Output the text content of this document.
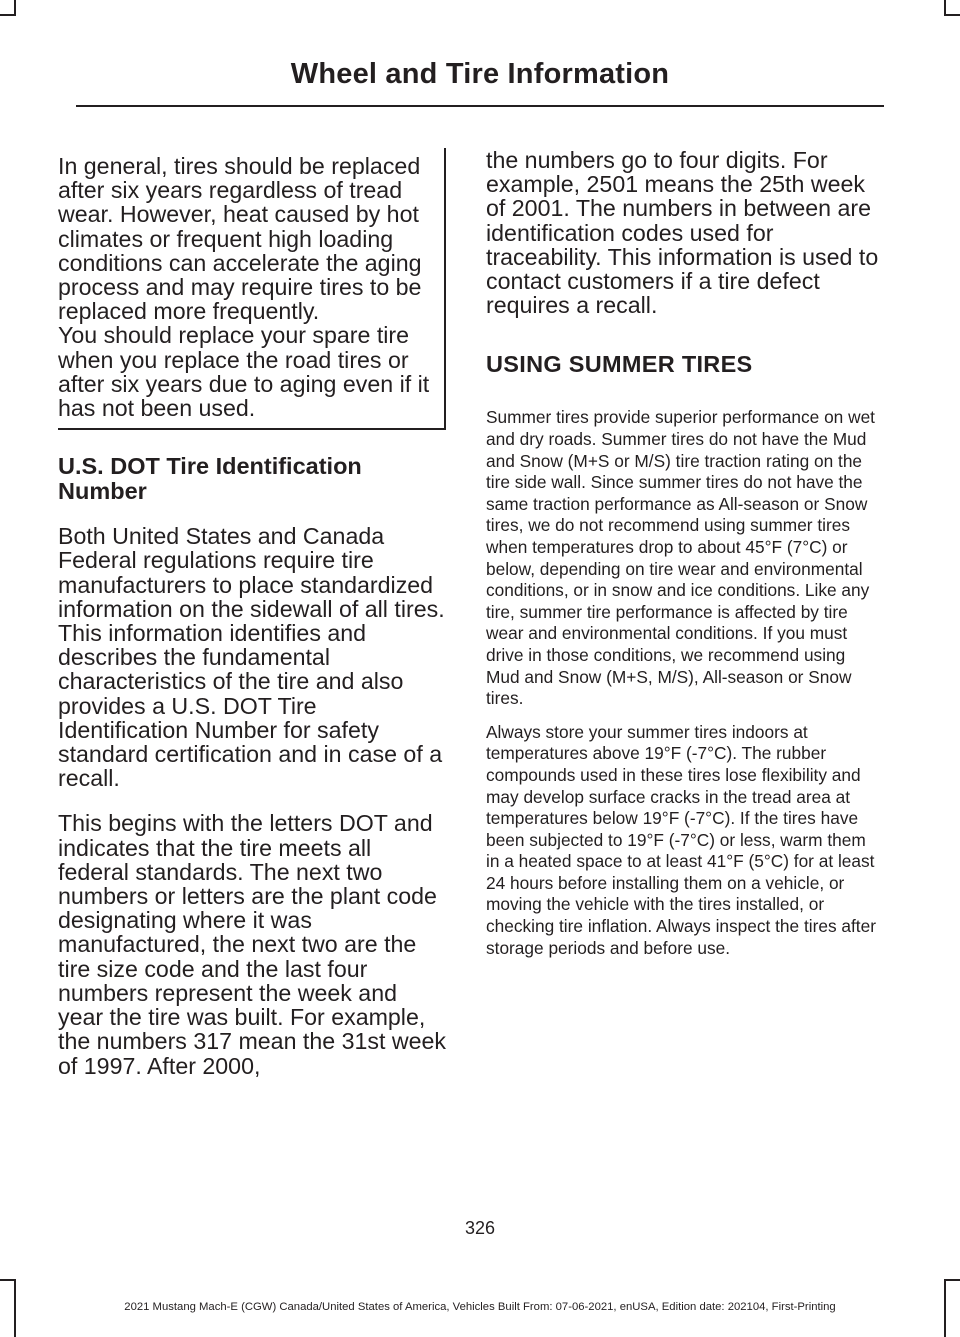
Wheel and Tire Information

In general, tires should be replaced after six years regardless of tread wear. However, heat caused by hot climates or frequent high loading conditions can accelerate the aging process and may require tires to be replaced more frequently.

You should replace your spare tire when you replace the road tires or after six years due to aging even if it has not been used.

U.S. DOT Tire Identification Number

Both United States and Canada Federal regulations require tire manufacturers to place standardized information on the sidewall of all tires. This information identifies and describes the fundamental characteristics of the tire and also provides a U.S. DOT Tire Identification Number for safety standard certification and in case of a recall.

This begins with the letters DOT and indicates that the tire meets all federal standards. The next two numbers or letters are the plant code designating where it was manufactured, the next two are the tire size code and the last four numbers represent the week and year the tire was built. For example, the numbers 317 mean the 31st week of 1997. After 2000,

the numbers go to four digits. For example, 2501 means the 25th week of 2001. The numbers in between are identification codes used for traceability. This information is used to contact customers if a tire defect requires a recall.

USING SUMMER TIRES

Summer tires provide superior performance on wet and dry roads. Summer tires do not have the Mud and Snow (M+S or M/S) tire traction rating on the tire side wall. Since summer tires do not have the same traction performance as All-season or Snow tires, we do not recommend using summer tires when temperatures drop to about 45°F (7°C) or below, depending on tire wear and environmental conditions, or in snow and ice conditions. Like any tire, summer tire performance is affected by tire wear and environmental conditions. If you must drive in those conditions, we recommend using Mud and Snow (M+S, M/S), All-season or Snow tires.

Always store your summer tires indoors at temperatures above 19°F (-7°C). The rubber compounds used in these tires lose flexibility and may develop surface cracks in the tread area at temperatures below 19°F (-7°C). If the tires have been subjected to 19°F (-7°C) or less, warm them in a heated space to at least 41°F (5°C) for at least 24 hours before installing them on a vehicle, or moving the vehicle with the tires installed, or checking tire inflation. Always inspect the tires after storage periods and before use.

326

2021 Mustang Mach-E (CGW) Canada/United States of America, Vehicles Built From: 07-06-2021, enUSA, Edition date: 202104, First-Printing
